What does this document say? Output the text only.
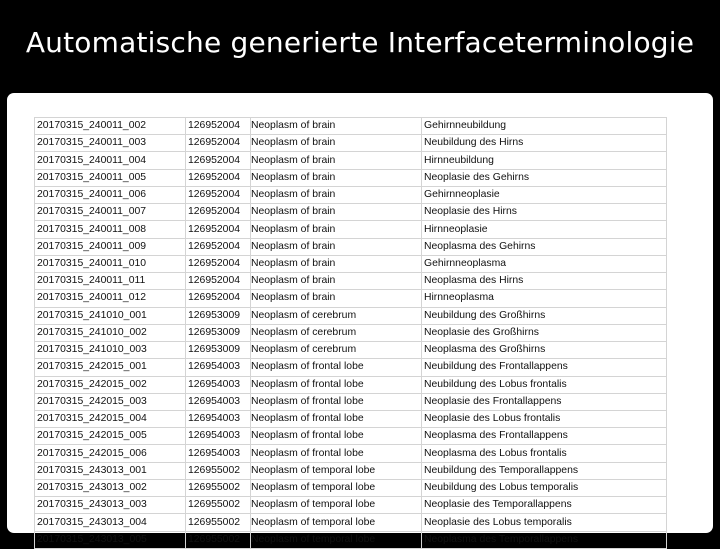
Automatische generierte Interfaceterminologie
20170315_240011_002	126952004	Neoplasm of brain	Gehirnneubildung
20170315_240011_003	126952004	Neoplasm of brain	Neubildung des Hirns
20170315_240011_004	126952004	Neoplasm of brain	Hirnneubildung
20170315_240011_005	126952004	Neoplasm of brain	Neoplasie des Gehirns
20170315_240011_006	126952004	Neoplasm of brain	Gehirnneoplasie
20170315_240011_007	126952004	Neoplasm of brain	Neoplasie des Hirns
20170315_240011_008	126952004	Neoplasm of brain	Hirnneoplasie
20170315_240011_009	126952004	Neoplasm of brain	Neoplasma des Gehirns
20170315_240011_010	126952004	Neoplasm of brain	Gehirnneoplasma
20170315_240011_011	126952004	Neoplasm of brain	Neoplasma des Hirns
20170315_240011_012	126952004	Neoplasm of brain	Hirnneoplasma
20170315_241010_001	126953009	Neoplasm of cerebrum	Neubildung des Großhirns
20170315_241010_002	126953009	Neoplasm of cerebrum	Neoplasie des Großhirns
20170315_241010_003	126953009	Neoplasm of cerebrum	Neoplasma des Großhirns
20170315_242015_001	126954003	Neoplasm of frontal lobe	Neubildung des Frontallappens
20170315_242015_002	126954003	Neoplasm of frontal lobe	Neubildung des Lobus frontalis
20170315_242015_003	126954003	Neoplasm of frontal lobe	Neoplasie des Frontallappens
20170315_242015_004	126954003	Neoplasm of frontal lobe	Neoplasie des Lobus frontalis
20170315_242015_005	126954003	Neoplasm of frontal lobe	Neoplasma des Frontallappens
20170315_242015_006	126954003	Neoplasm of frontal lobe	Neoplasma des Lobus frontalis
20170315_243013_001	126955002	Neoplasm of temporal lobe	Neubildung des Temporallappens
20170315_243013_002	126955002	Neoplasm of temporal lobe	Neubildung des Lobus temporalis
20170315_243013_003	126955002	Neoplasm of temporal lobe	Neoplasie des Temporallappens
20170315_243013_004	126955002	Neoplasm of temporal lobe	Neoplasie des Lobus temporalis
20170315_243013_005	126955002	Neoplasm of temporal lobe	Neoplasma des Temporallappens
